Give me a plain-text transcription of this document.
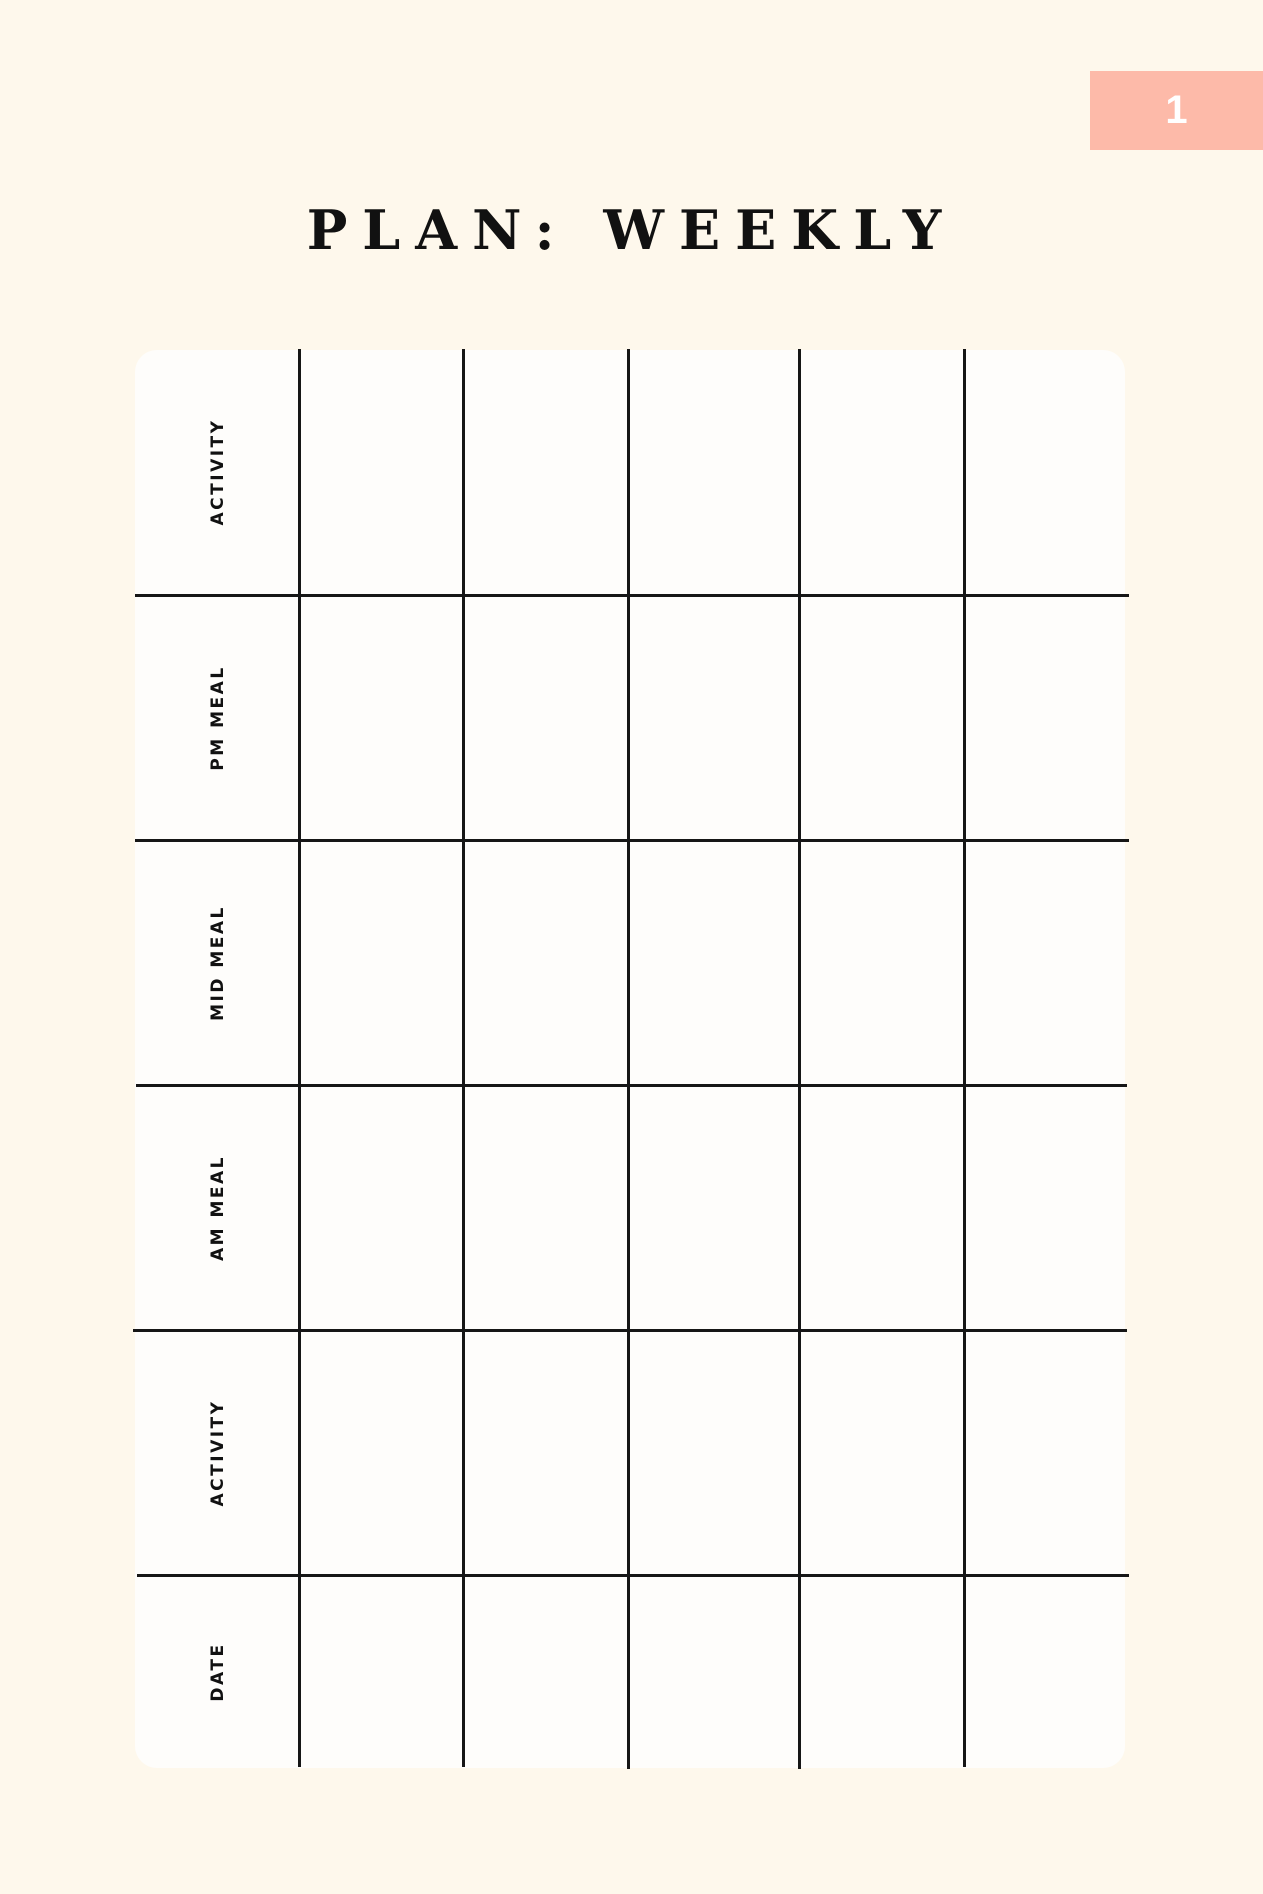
1
PLAN: WEEKLY
ACTIVITY
PM MEAL
MID MEAL
AM MEAL
ACTIVITY
DATE
